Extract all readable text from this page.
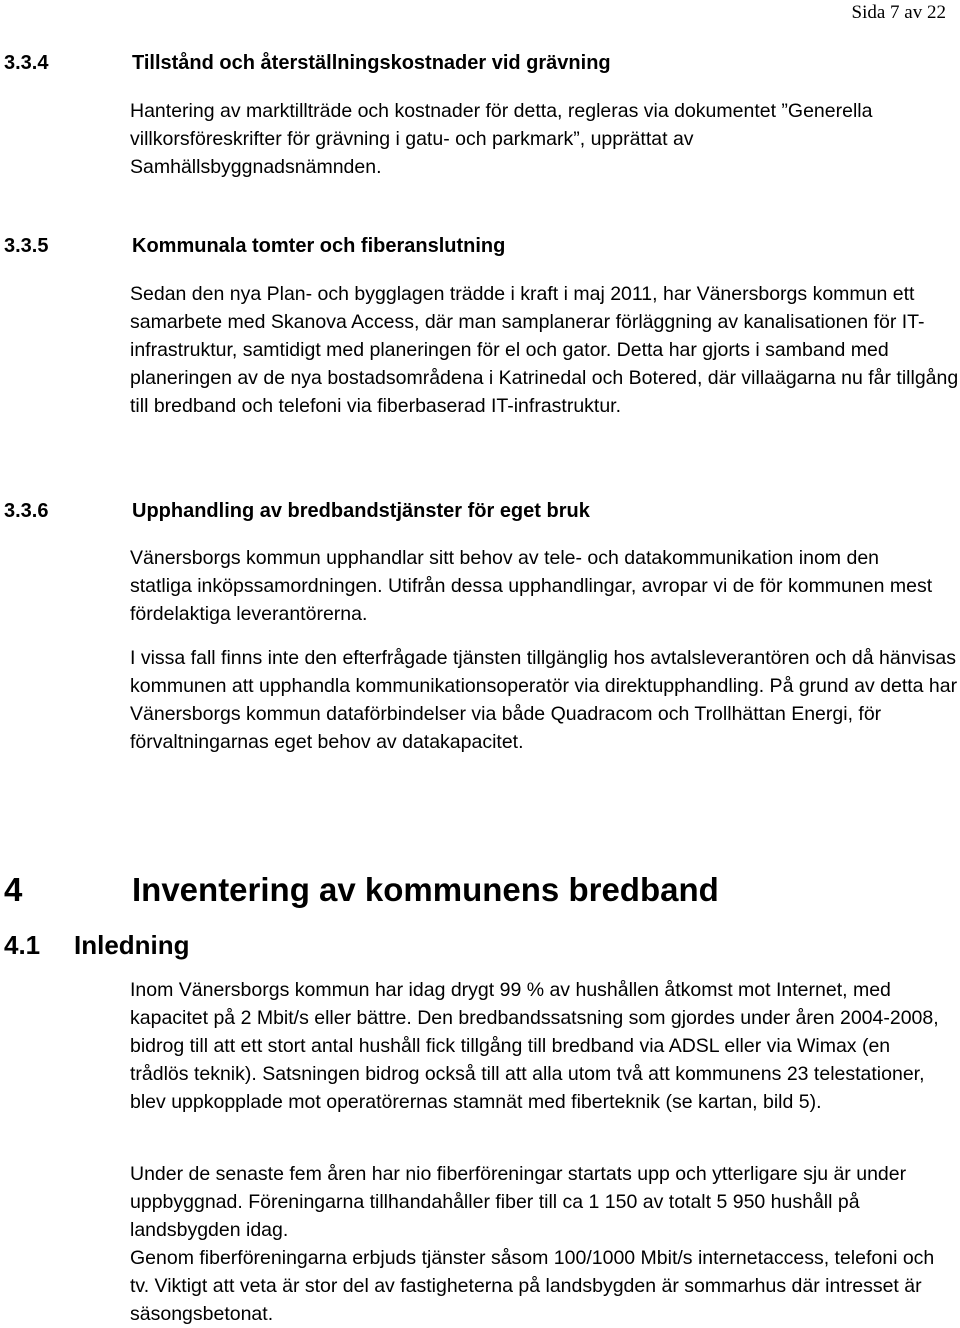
Sida 7 av 22
3.3.4	Tillstånd och återställningskostnader vid grävning

Hantering av marktillträde och kostnader för detta, regleras via dokumentet ”Generella villkorsföreskrifter för grävning i gatu- och parkmark”, upprättat av Samhällsbyggnadsnämnden.

3.3.5	Kommunala tomter och fiberanslutning

Sedan den nya Plan- och bygglagen trädde i kraft i maj 2011, har Vänersborgs kommun ett samarbete med Skanova Access, där man samplanerar förläggning av kanalisationen för IT-infrastruktur, samtidigt med planeringen för el och gator. Detta har gjorts i samband med planeringen av de nya bostadsområdena i Katrinedal och Botered, där villaägarna nu får tillgång till bredband och telefoni via fiberbaserad IT-infrastruktur.

3.3.6	Upphandling av bredbandstjänster för eget bruk

Vänersborgs kommun upphandlar sitt behov av tele- och datakommunikation inom den statliga inköpssamordningen. Utifrån dessa upphandlingar, avropar vi de för kommunen mest fördelaktiga leverantörerna.

I vissa fall finns inte den efterfrågade tjänsten tillgänglig hos avtalsleverantören och då hänvisas kommunen att upphandla kommunikationsoperatör via direktupphandling. På grund av detta har Vänersborgs kommun dataförbindelser via både Quadracom och Trollhättan Energi, för förvaltningarnas eget behov av datakapacitet.

4	Inventering av kommunens bredband
4.1 Inledning

Inom Vänersborgs kommun har idag drygt 99 % av hushållen åtkomst mot Internet, med kapacitet på 2 Mbit/s eller bättre. Den bredbandssatsning som gjordes under åren 2004-2008, bidrog till att ett stort antal hushåll fick tillgång till bredband via ADSL eller via Wimax (en trådlös teknik). Satsningen bidrog också till att alla utom två att kommunens 23 telestationer, blev uppkopplade mot operatörernas stamnät med fiberteknik (se kartan, bild 5).

Under de senaste fem åren har nio fiberföreningar startats upp och ytterligare sju är under uppbyggnad. Föreningarna tillhandahåller fiber till ca 1 150 av totalt 5 950 hushåll på landsbygden idag.

Genom fiberföreningarna erbjuds tjänster såsom 100/1000 Mbit/s internetaccess, telefoni och tv. Viktigt att veta är stor del av fastigheterna på landsbygden är sommarhus där intresset är säsongsbetonat.
